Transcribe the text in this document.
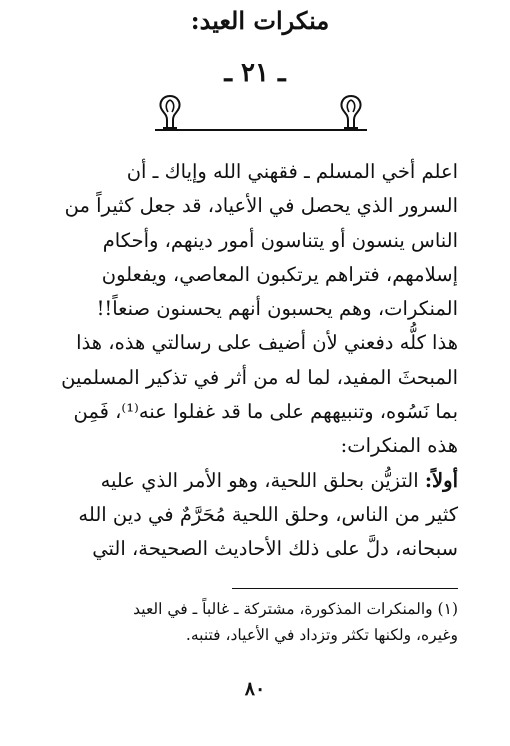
ـ ٢١ ـ
منكرات العيد:

اعلم أخي المسلم ـ فقهني الله وإياك ـ أن

السرور الذي يحصل في الأعياد، قد جعل كثيراً من

الناس ينسون أو يتناسون أمور دينهم، وأحكام

إسلامهم، فتراهم يرتكبون المعاصي، ويفعلون

المنكرات، وهم يحسبون أنهم يحسنون صنعاً!!

هذا كلُّه دفعني لأن أضيف على رسالتي هذه، هذا

المبحثَ المفيد، لما له من أثر في تذكير المسلمين

بما نَسُوه، وتنبيههم على ما قد غفلوا عنه⁽¹⁾، فَمِن

هذه المنكرات:

أولاً: التزيُّن بحلق اللحية، وهو الأمر الذي عليه

كثير من الناس، وحلق اللحية مُحَرَّمٌ في دين الله

سبحانه، دلَّ على ذلك الأحاديث الصحيحة، التي

(١) والمنكرات المذكورة، مشتركة ـ غالباً ـ في العيد

وغيره، ولكنها تكثر وتزداد في الأعياد، فتنبه.

٨٠
